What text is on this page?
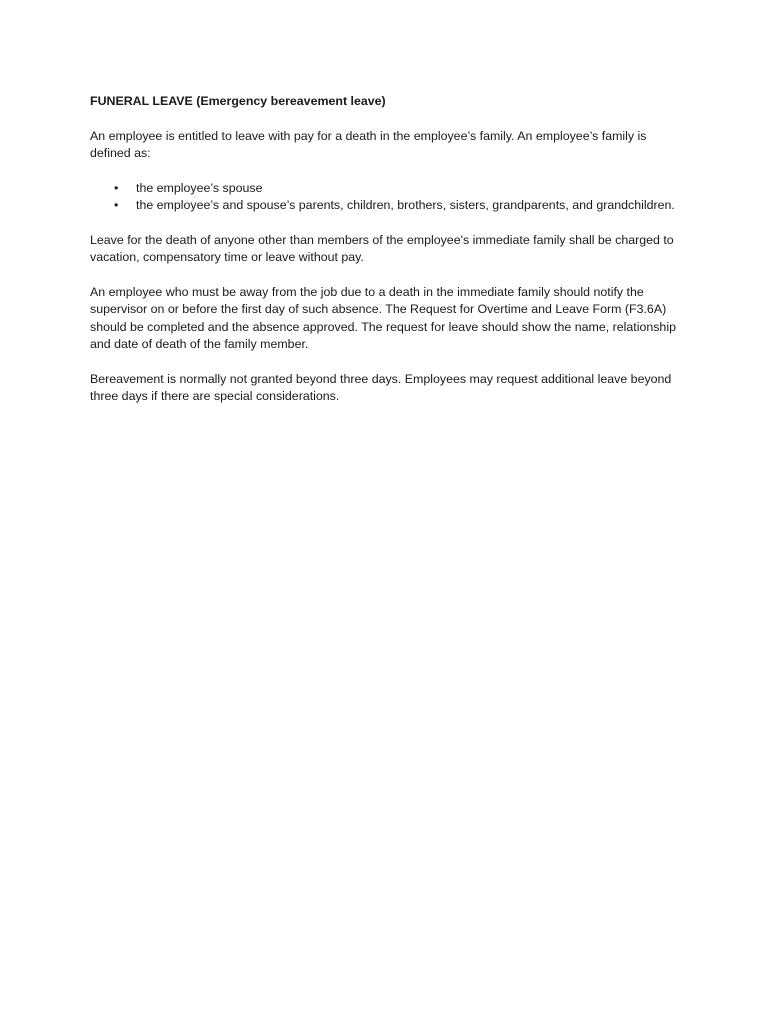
FUNERAL LEAVE (Emergency bereavement leave)

An employee is entitled to leave with pay for a death in the employee’s family. An employee’s family is defined as:

• the employee’s spouse
• the employee’s and spouse’s parents, children, brothers, sisters, grandparents, and grandchildren.

Leave for the death of anyone other than members of the employee's immediate family shall be charged to vacation, compensatory time or leave without pay.

An employee who must be away from the job due to a death in the immediate family should notify the supervisor on or before the first day of such absence. The Request for Overtime and Leave Form (F3.6A) should be completed and the absence approved. The request for leave should show the name, relationship and date of death of the family member.

Bereavement is normally not granted beyond three days. Employees may request additional leave beyond three days if there are special considerations.
